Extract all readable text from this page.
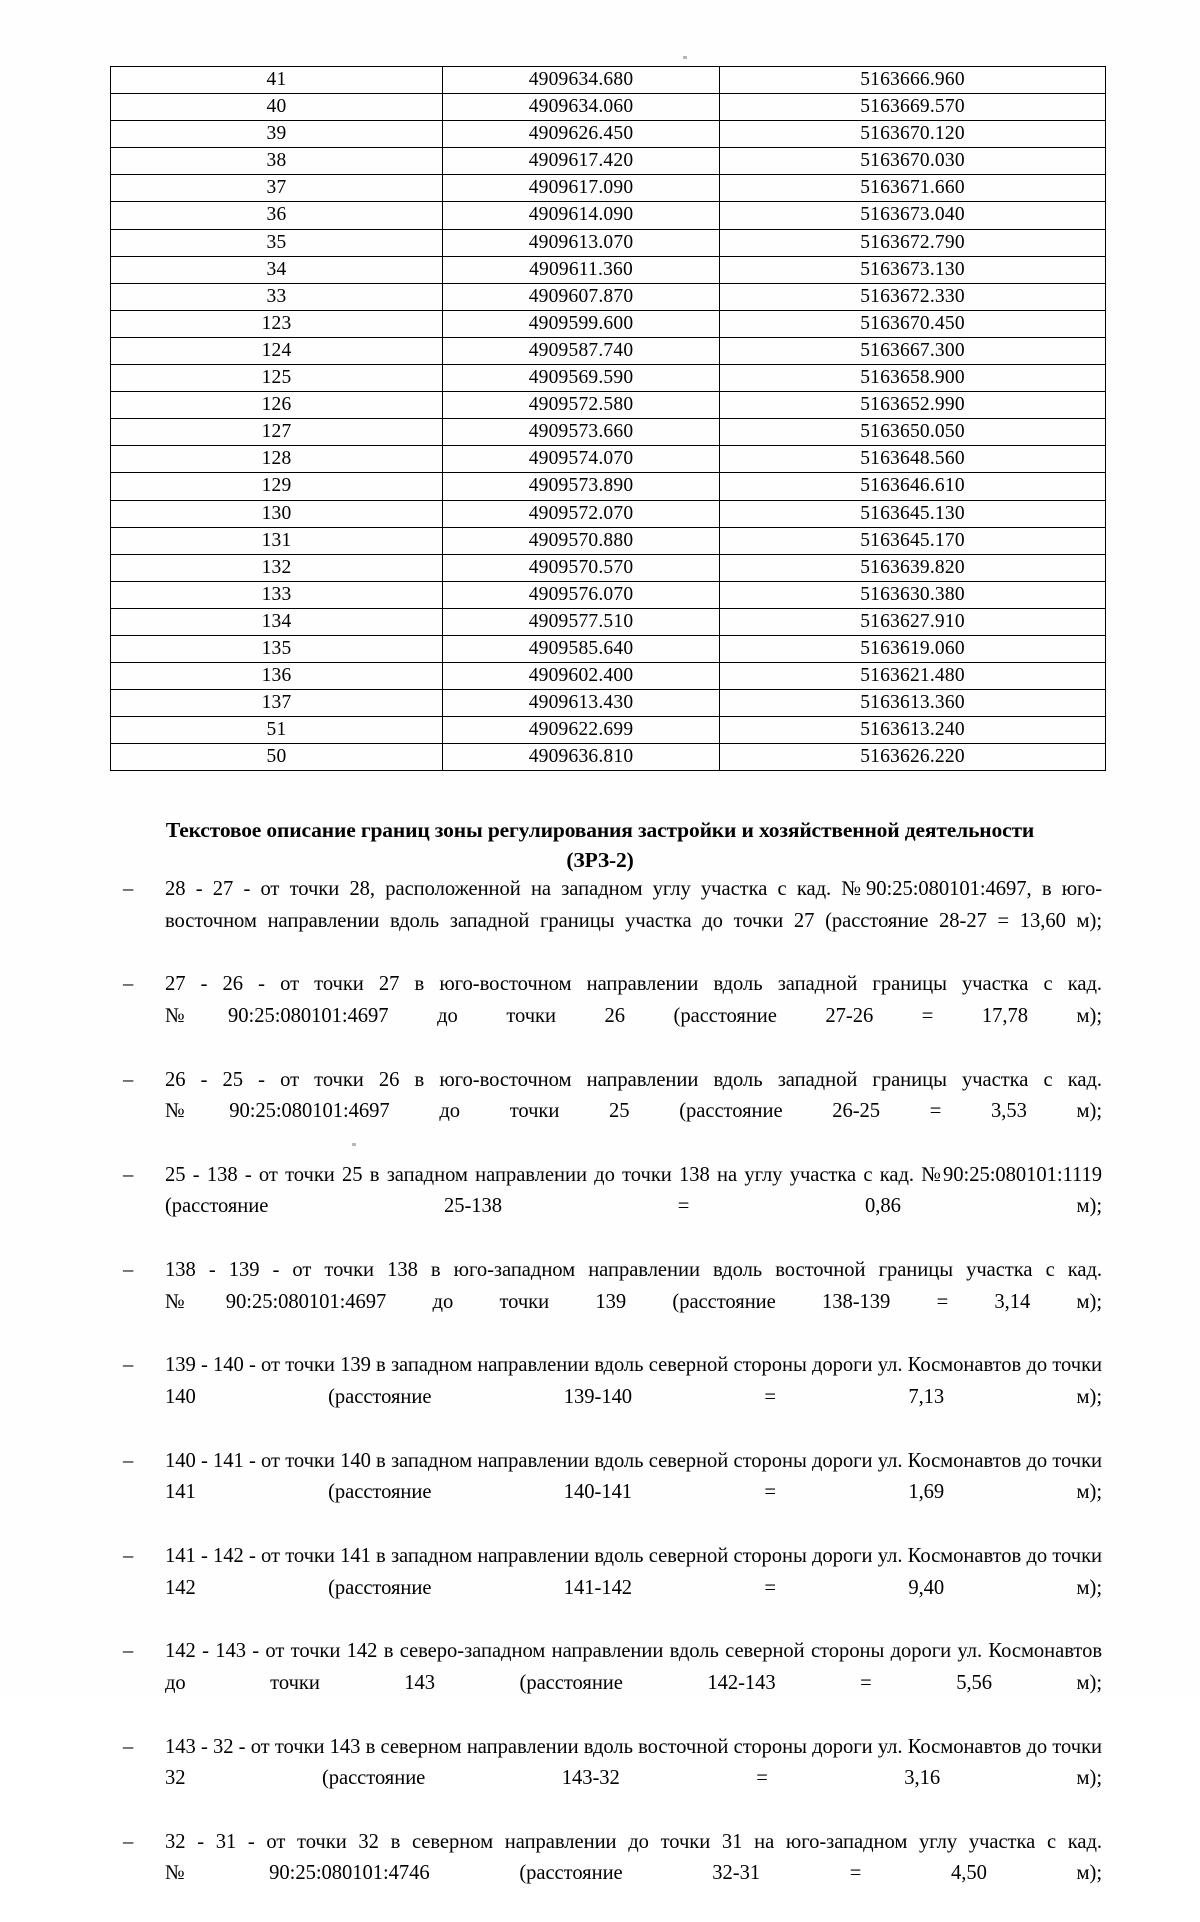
41	4909634.680	5163666.960
40	4909634.060	5163669.570
39	4909626.450	5163670.120
38	4909617.420	5163670.030
37	4909617.090	5163671.660
36	4909614.090	5163673.040
35	4909613.070	5163672.790
34	4909611.360	5163673.130
33	4909607.870	5163672.330
123	4909599.600	5163670.450
124	4909587.740	5163667.300
125	4909569.590	5163658.900
126	4909572.580	5163652.990
127	4909573.660	5163650.050
128	4909574.070	5163648.560
129	4909573.890	5163646.610
130	4909572.070	5163645.130
131	4909570.880	5163645.170
132	4909570.570	5163639.820
133	4909576.070	5163630.380
134	4909577.510	5163627.910
135	4909585.640	5163619.060
136	4909602.400	5163621.480
137	4909613.430	5163613.360
51	4909622.699	5163613.240
50	4909636.810	5163626.220
Текстовое описание границ зоны регулирования застройки и хозяйственной деятельности (ЗРЗ-2)
–	28 - 27 - от точки 28, расположенной на западном углу участка с кад. №90:25:080101:4697, в юго-восточном направлении вдоль западной границы участка до точки 27 (расстояние 28-27 = 13,60 м);
–	27 - 26 - от точки 27 в юго-восточном направлении вдоль западной границы участка с кад. №90:25:080101:4697 до точки 26 (расстояние 27-26 = 17,78 м);
–	26 - 25 - от точки 26 в юго-восточном направлении вдоль западной границы участка с кад. №90:25:080101:4697 до точки 25 (расстояние 26-25 = 3,53 м);
–	25 - 138 - от точки 25 в западном направлении до точки 138 на углу участка с кад. №90:25:080101:1119 (расстояние 25-138 = 0,86 м);
–	138 - 139 - от точки 138 в юго-западном направлении вдоль восточной границы участка с кад. №90:25:080101:4697 до точки 139 (расстояние 138-139 = 3,14 м);
–	139 - 140 - от точки 139 в западном направлении вдоль северной стороны дороги ул. Космонавтов до точки 140 (расстояние 139-140 = 7,13 м);
–	140 - 141 - от точки 140 в западном направлении вдоль северной стороны дороги ул. Космонавтов до точки 141 (расстояние 140-141 = 1,69 м);
–	141 - 142 - от точки 141 в западном направлении вдоль северной стороны дороги ул. Космонавтов до точки 142 (расстояние 141-142 = 9,40 м);
–	142 - 143 - от точки 142 в северо-западном направлении вдоль северной стороны дороги ул. Космонавтов до точки 143 (расстояние 142-143 = 5,56 м);
–	143 - 32 - от точки 143 в северном направлении вдоль восточной стороны дороги ул. Космонавтов до точки 32 (расстояние 143-32 = 3,16 м);
–	32 - 31 - от точки 32 в северном направлении до точки 31 на юго-западном углу участка с кад. №90:25:080101:4746 (расстояние 32-31 = 4,50 м);
